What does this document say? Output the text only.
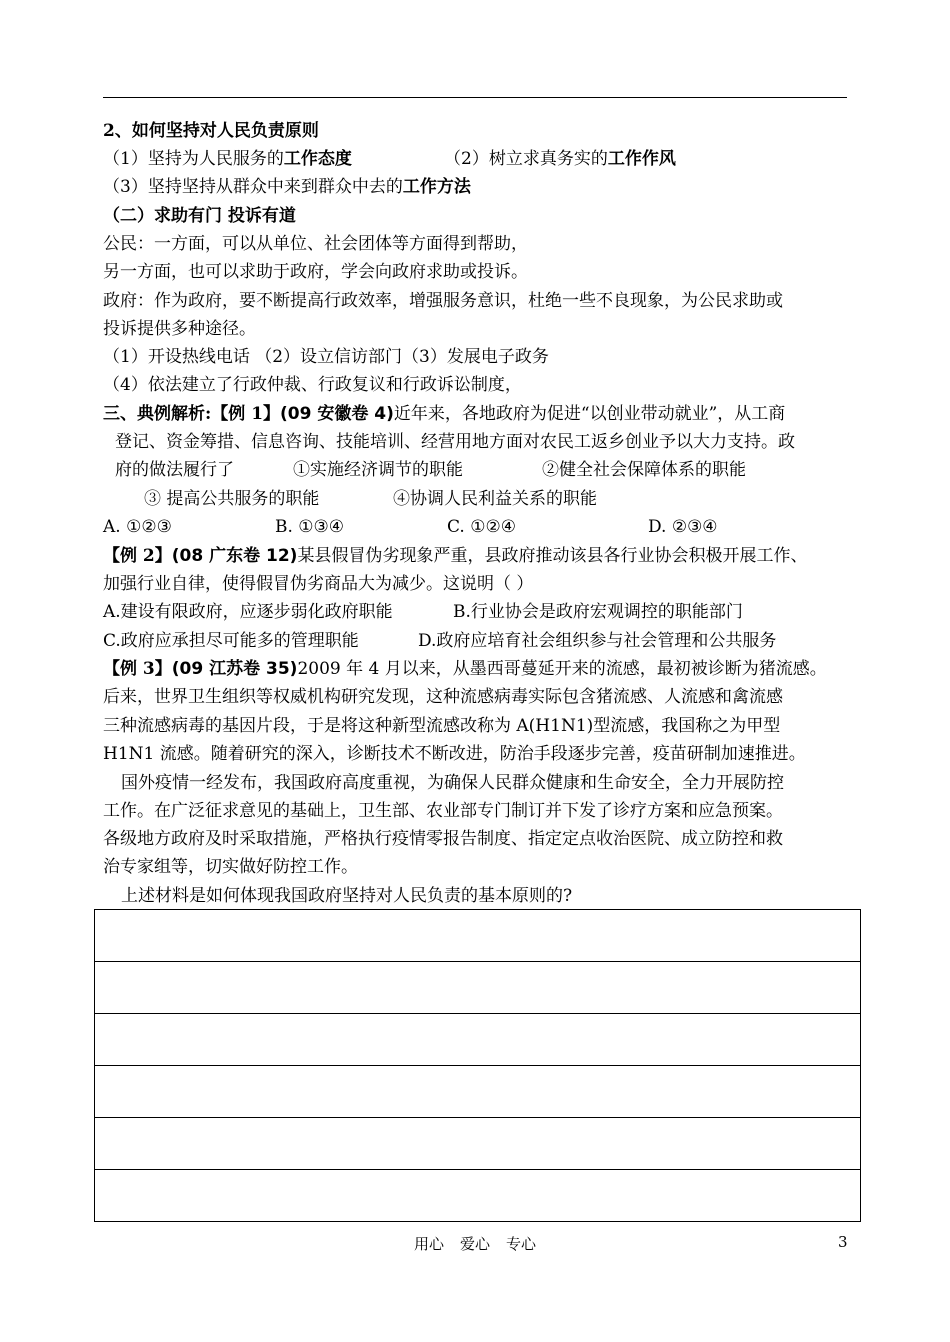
2、如何坚持对人民负责原则
（1）坚持为人民服务的工作态度	（2）树立求真务实的工作作风
（3）坚持坚持从群众中来到群众中去的工作方法
（二）求助有门 投诉有道
公民：一方面，可以从单位、社会团体等方面得到帮助，
另一方面，也可以求助于政府，学会向政府求助或投诉。
政府：作为政府，要不断提高行政效率，增强服务意识，杜绝一些不良现象，为公民求助或
投诉提供多种途径。
（1）开设热线电话 （2）设立信访部门（3）发展电子政务
（4）依法建立了行政仲裁、行政复议和行政诉讼制度，
三、典例解析:【例 1】(09 安徽卷 4)近年来，各地政府为促进“以创业带动就业”，从工商
登记、资金筹措、信息咨询、技能培训、经营用地方面对农民工返乡创业予以大力支持。政
府的做法履行了	①实施经济调节的职能	②健全社会保障体系的职能
③ 提高公共服务的职能	④协调人民利益关系的职能
A. ①②③	B. ①③④	C. ①②④	D. ②③④
【例 2】(08 广东卷 12)某县假冒伪劣现象严重，县政府推动该县各行业协会积极开展工作、
加强行业自律，使得假冒伪劣商品大为减少。这说明（ ）
A.建设有限政府，应逐步弱化政府职能	B.行业协会是政府宏观调控的职能部门
C.政府应承担尽可能多的管理职能	D.政府应培育社会组织参与社会管理和公共服务
【例 3】(09 江苏卷 35)2009 年 4 月以来，从墨西哥蔓延开来的流感，最初被诊断为猪流感。
后来，世界卫生组织等权威机构研究发现，这种流感病毒实际包含猪流感、人流感和禽流感
三种流感病毒的基因片段，于是将这种新型流感改称为 A(H1N1)型流感，我国称之为甲型
H1N1 流感。随着研究的深入，诊断技术不断改进，防治手段逐步完善，疫苗研制加速推进。
国外疫情一经发布，我国政府高度重视，为确保人民群众健康和生命安全，全力开展防控
工作。在广泛征求意见的基础上，卫生部、农业部专门制订并下发了诊疗方案和应急预案。
各级地方政府及时采取措施，严格执行疫情零报告制度、指定定点收治医院、成立防控和救
治专家组等，切实做好防控工作。
上述材料是如何体现我国政府坚持对人民负责的基本原则的?
用心 爱心 专心	3
